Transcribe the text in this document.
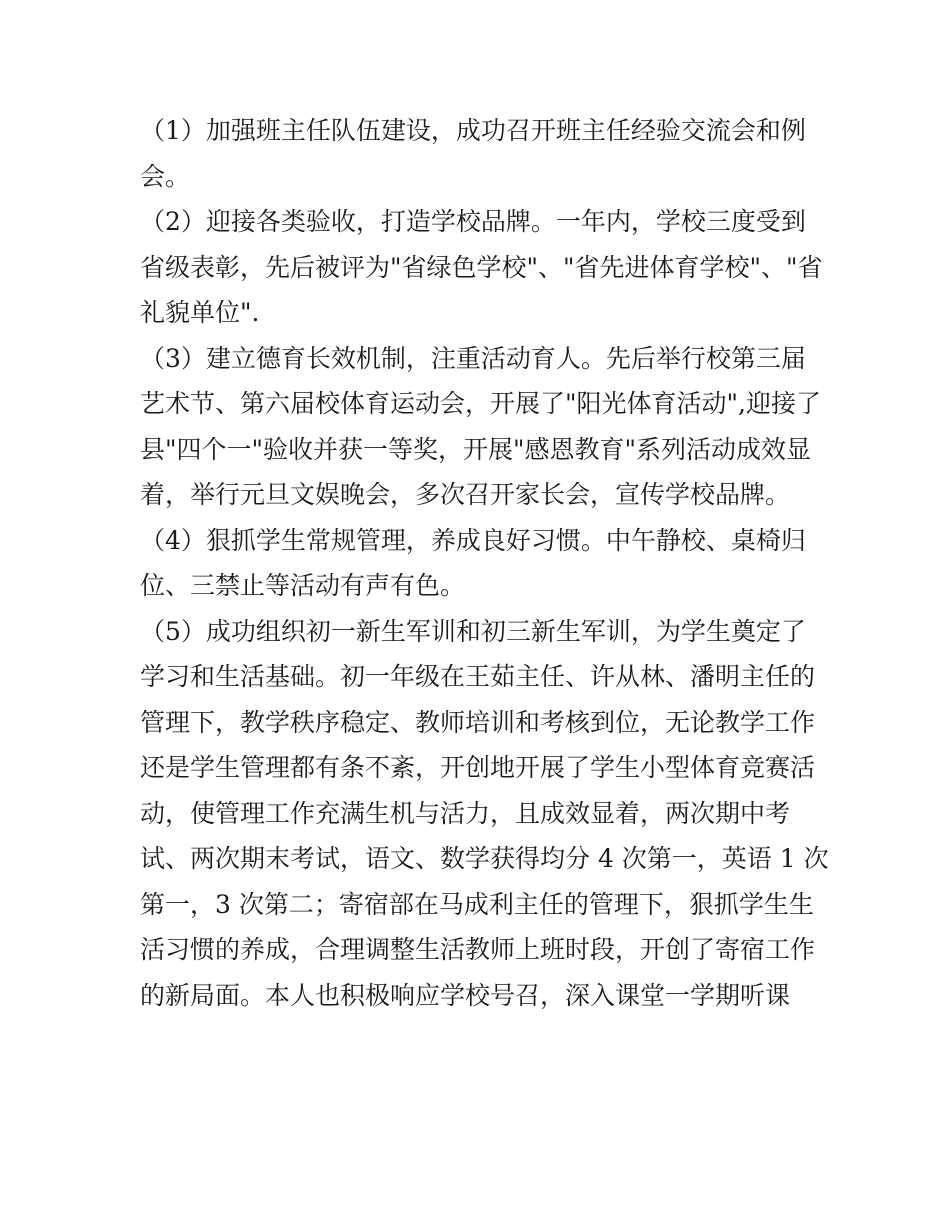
（1）加强班主任队伍建设，成功召开班主任经验交流会和例
会。
（2）迎接各类验收，打造学校品牌。一年内，学校三度受到
省级表彰，先后被评为"省绿色学校"、"省先进体育学校"、"省
礼貌单位".
（3）建立德育长效机制，注重活动育人。先后举行校第三届
艺术节、第六届校体育运动会，开展了"阳光体育活动",迎接了
县"四个一"验收并获一等奖，开展"感恩教育"系列活动成效显
着，举行元旦文娱晚会，多次召开家长会，宣传学校品牌。
（4）狠抓学生常规管理，养成良好习惯。中午静校、桌椅归
位、三禁止等活动有声有色。
（5）成功组织初一新生军训和初三新生军训，为学生奠定了
学习和生活基础。初一年级在王茹主任、许从林、潘明主任的
管理下，教学秩序稳定、教师培训和考核到位，无论教学工作
还是学生管理都有条不紊，开创地开展了学生小型体育竞赛活
动，使管理工作充满生机与活力，且成效显着，两次期中考
试、两次期末考试，语文、数学获得均分 4 次第一，英语 1 次
第一，3 次第二；寄宿部在马成利主任的管理下，狠抓学生生
活习惯的养成，合理调整生活教师上班时段，开创了寄宿工作
的新局面。本人也积极响应学校号召，深入课堂一学期听课
